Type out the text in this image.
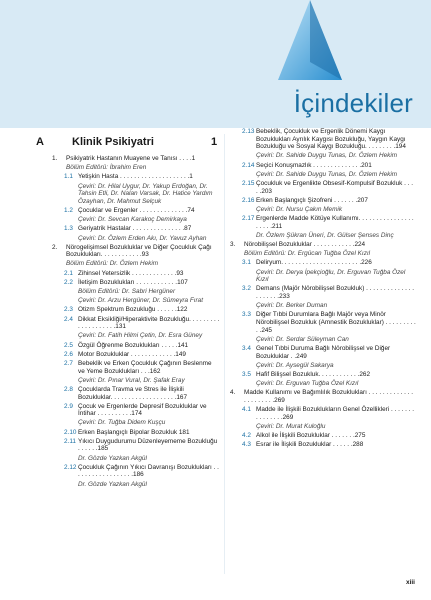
İçindekiler
A	Klinik Psikiyatri	1
1. Psikiyatrik Hastanın Muayene ve Tanısı . . . .1
Bölüm Editörü: İbrahim Eren
1.1 Yetişkin Hasta . . . . . . . . . . . . . . . . . . . .1
Çeviri: Dr. Hilal Uygur, Dr. Yakup Erdoğan, Dr. Tahsin Etli, Dr. Nalan Varsak, Dr. Hatice Yardım Özayhan, Dr. Mahmut Selçuk
1.2 Çocuklar ve Ergenler . . . . . . . . . . . . . .74
Çeviri: Dr. Sevcan Karakoç Demirkaya
1.3 Geriyatrik Hastalar . . . . . . . . . . . . . . .87
Çeviri: Dr. Özlem Erden Akı, Dr. Yavuz Ayhan
2. Nörogelişimsel Bozukluklar ve Diğer Çocukluk Çağı Bozuklukları. . . . . . . . . . . .93
Bölüm Editörü: Dr. Özlem Hekim
2.1 Zihinsel Yetersizlik . . . . . . . . . . . . .93
2.2 İletişim Bozuklukları . . . . . . . . . . . .107
Bölüm Editörü: Dr. Sabri Hergüner
Çeviri: Dr. Arzu Hergüner, Dr. Sümeyra Fırat
2.3 Otizm Spektrum Bozukluğu . . . . . .122
2.4 Dikkat Eksikliği/Hiperaktivite Bozukluğu. . . . . . . . . . . . . . . . . . . .131
Çeviri: Dr. Fatih Hilmi Çetin, Dr. Esra Güney
2.5 Özgül Öğrenme Bozuklukları . . . . .141
2.6 Motor Bozukluklar . . . . . . . . . . . . .149
2.7 Bebeklik ve Erken Çocukluk Çağının Beslenme ve Yeme Bozuklukları . . .162
Çeviri: Dr. Pınar Vural, Dr. Şafak Eray
2.8 Çocuklarda Travma ve Stres ile İlişkili Bozukluklar. . . . . . . . . . . . . . . . . . .167
2.9 Çocuk ve Ergenlerde Depresif Bozukluklar ve İntihar . . . . . . . . . .174
Çeviri: Dr. Tuğba Didem Kuşçu
2.10 Erken Başlangıçlı Bipolar Bozukluk 181
2.11 Yıkıcı Duygudurumu Düzenleyememe Bozukluğu . . . . . .185
Dr. Gözde Yazkan Akgül
2.12 Çocukluk Çağının Yıkıcı Davranışı Bozuklukları . . . . . . . . . . . . . . . . . .186
Dr. Gözde Yazkan Akgül
2.13 Bebeklik, Çocukluk ve Ergenlik Dönemi Kaygı Bozuklukları Ayrılık Kaygısı Bozukluğu, Yaygın Kaygı Bozukluğu ve Sosyal Kaygı Bozukluğu. . . . . . . . .194
Çeviri: Dr. Sahide Duygu Tunas, Dr. Özlem Hekim
2.14 Seçici Konuşmazlık . . . . . . . . . . . . . .201
Çeviri: Dr. Sahide Duygu Tunas, Dr. Özlem Hekim
2.15 Çocukluk ve Ergenlikte Obsesif-Kompulsif Bozukluk . . . . .203
2.16 Erken Başlangıçlı Şizofreni . . . . . . .207
Çeviri: Dr. Nursu Çakın Memik
2.17 Ergenlerde Madde Kötüye Kullanımı. . . . . . . . . . . . . . . . . . . . .211
Dr. Özlem Şükran Üneri, Dr. Gülser Şenses Dinç
3. Nörobilişsel Bozukluklar . . . . . . . . . . . .224
Bölüm Editörü: Dr. Ergücan Tuğba Özel Kızıl
3.1 Deliryum. . . . . . . . . . . . . . . . . . . . . . .226
Çeviri: Dr. Derya İpekçioğlu, Dr. Erguvan Tuğba Özel Kızıl
3.2 Demans (Majör Nörobilişsel Bozukluk) . . . . . . . . . . . . . . . . . . . . .233
Çeviri: Dr. Berker Duman
3.3 Diğer Tıbbi Durumlara Bağlı Majör veya Minör Nörobilişsel Bozukluk (Amnestik Bozukluklar) . . . . . . . . . . .245
Çeviri: Dr. Serdar Süleyman Can
3.4 Genel Tıbbi Duruma Bağlı Nörobilişsel ve Diğer Bozukluklar . .249
Çeviri: Dr. Aysegül Sakarya
3.5 Hafif Bilişsel Bozukluk. . . . . . . . . . . .262
Çeviri: Dr. Erguvan Tuğba Özel Kızıl
4. Madde Kullanımı ve Bağımlılık Bozuklukları . . . . . . . . . . . . . . . . . . . . . .269
4.1 Madde ile İlişkili Bozuklukların Genel Özellikleri . . . . . . . . . . . . . . .269
Çeviri: Dr. Murat Kuloğlu
4.2 Alkol ile İlişkili Bozukluklar . . . . . . .275
4.3 Esrar ile İlişkili Bozukluklar . . . . . .288
xiii
